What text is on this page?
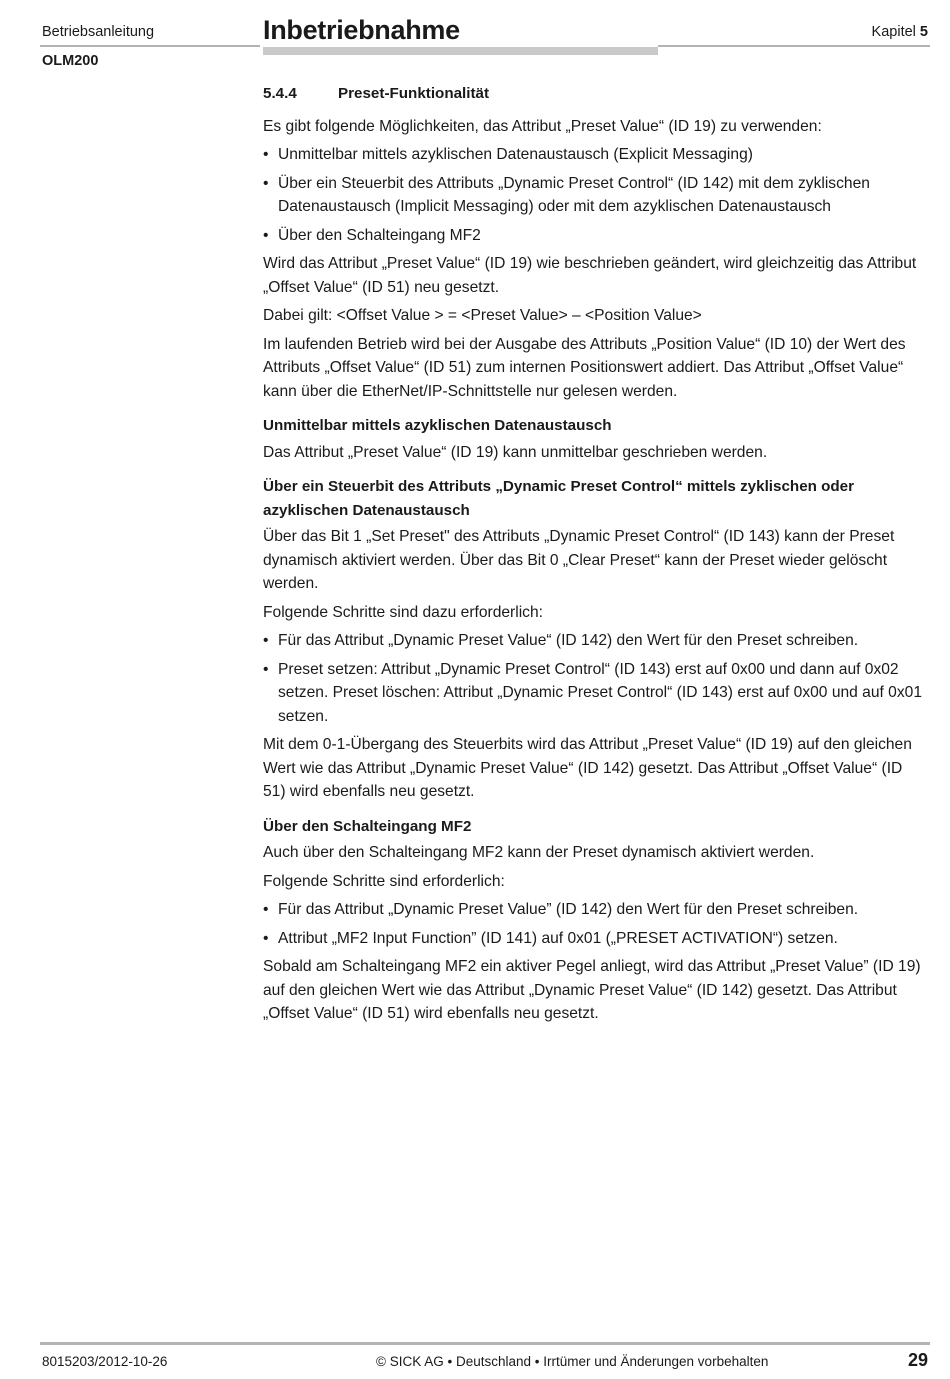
Betriebsanleitung
OLM200
Inbetriebnahme	Kapitel 5
5.4.4	Preset-Funktionalität

Es gibt folgende Möglichkeiten, das Attribut „Preset Value“ (ID 19) zu verwenden:

• Unmittelbar mittels azyklischen Datenaustausch (Explicit Messaging)
• Über ein Steuerbit des Attributs „Dynamic Preset Control“ (ID 142) mit dem zyklischen Datenaustausch (Implicit Messaging) oder mit dem azyklischen Datenaustausch
• Über den Schalteingang MF2

Wird das Attribut „Preset Value“ (ID 19) wie beschrieben geändert, wird gleichzeitig das Attribut „Offset Value“ (ID 51) neu gesetzt.

Dabei gilt: <Offset Value > = <Preset Value> – <Position Value>

Im laufenden Betrieb wird bei der Ausgabe des Attributs „Position Value“ (ID 10) der Wert des Attributs „Offset Value“ (ID 51) zum internen Positionswert addiert. Das Attribut „Offset Value“ kann über die EtherNet/IP-Schnittstelle nur gelesen werden.

Unmittelbar mittels azyklischen Datenaustausch

Das Attribut „Preset Value“ (ID 19) kann unmittelbar geschrieben werden.

Über ein Steuerbit des Attributs „Dynamic Preset Control“ mittels zyklischen oder azyklischen Datenaustausch

Über das Bit 1 „Set Preset" des Attributs „Dynamic Preset Control“ (ID 143) kann der Preset dynamisch aktiviert werden. Über das Bit 0 „Clear Preset“ kann der Preset wieder gelöscht werden.

Folgende Schritte sind dazu erforderlich:

• Für das Attribut „Dynamic Preset Value“ (ID 142) den Wert für den Preset schreiben.
• Preset setzen: Attribut „Dynamic Preset Control“ (ID 143) erst auf 0x00 und dann auf 0x02 setzen. Preset löschen: Attribut „Dynamic Preset Control“ (ID 143) erst auf 0x00 und auf 0x01 setzen.

Mit dem 0-1-Übergang des Steuerbits wird das Attribut „Preset Value“ (ID 19) auf den gleichen Wert wie das Attribut „Dynamic Preset Value“ (ID 142) gesetzt. Das Attribut „Offset Value“ (ID 51) wird ebenfalls neu gesetzt.

Über den Schalteingang MF2

Auch über den Schalteingang MF2 kann der Preset dynamisch aktiviert werden.

Folgende Schritte sind erforderlich:

• Für das Attribut „Dynamic Preset Value” (ID 142) den Wert für den Preset schreiben.
• Attribut „MF2 Input Function” (ID 141) auf 0x01 („PRESET ACTIVATION“) setzen.

Sobald am Schalteingang MF2 ein aktiver Pegel anliegt, wird das Attribut „Preset Value” (ID 19) auf den gleichen Wert wie das Attribut „Dynamic Preset Value“ (ID 142) gesetzt. Das Attribut „Offset Value“ (ID 51) wird ebenfalls neu gesetzt.

8015203/2012-10-26	© SICK AG • Deutschland • Irrtümer und Änderungen vorbehalten	29
